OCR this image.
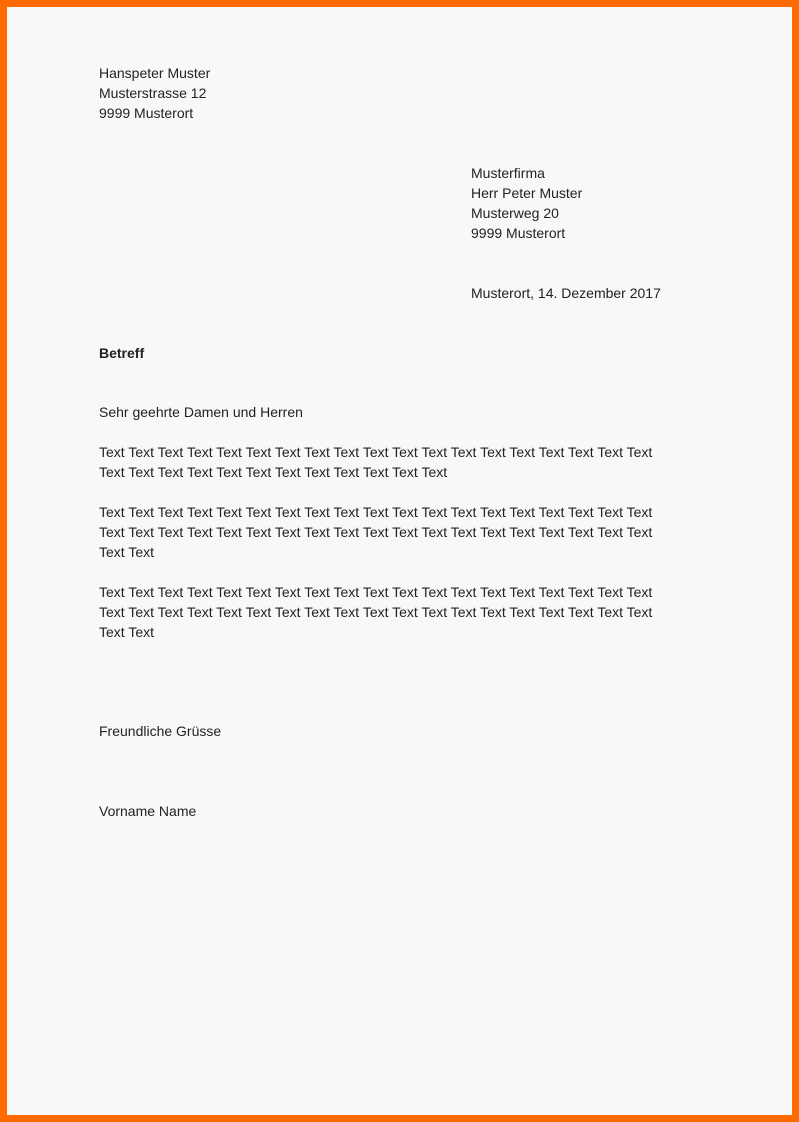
Hanspeter Muster
Musterstrasse 12
9999 Musterort
Musterfirma
Herr Peter Muster
Musterweg 20
9999 Musterort
Musterort, 14. Dezember 2017
Betreff
Sehr geehrte Damen und Herren
Text Text Text Text Text Text Text Text Text Text Text Text Text Text Text Text Text Text Text
Text Text Text Text Text Text Text Text Text Text Text Text
Text Text Text Text Text Text Text Text Text Text Text Text Text Text Text Text Text Text Text
Text Text Text Text Text Text Text Text Text Text Text Text Text Text Text Text Text Text Text
Text Text
Text Text Text Text Text Text Text Text Text Text Text Text Text Text Text Text Text Text Text
Text Text Text Text Text Text Text Text Text Text Text Text Text Text Text Text Text Text Text
Text Text
Freundliche Grüsse
Vorname Name
